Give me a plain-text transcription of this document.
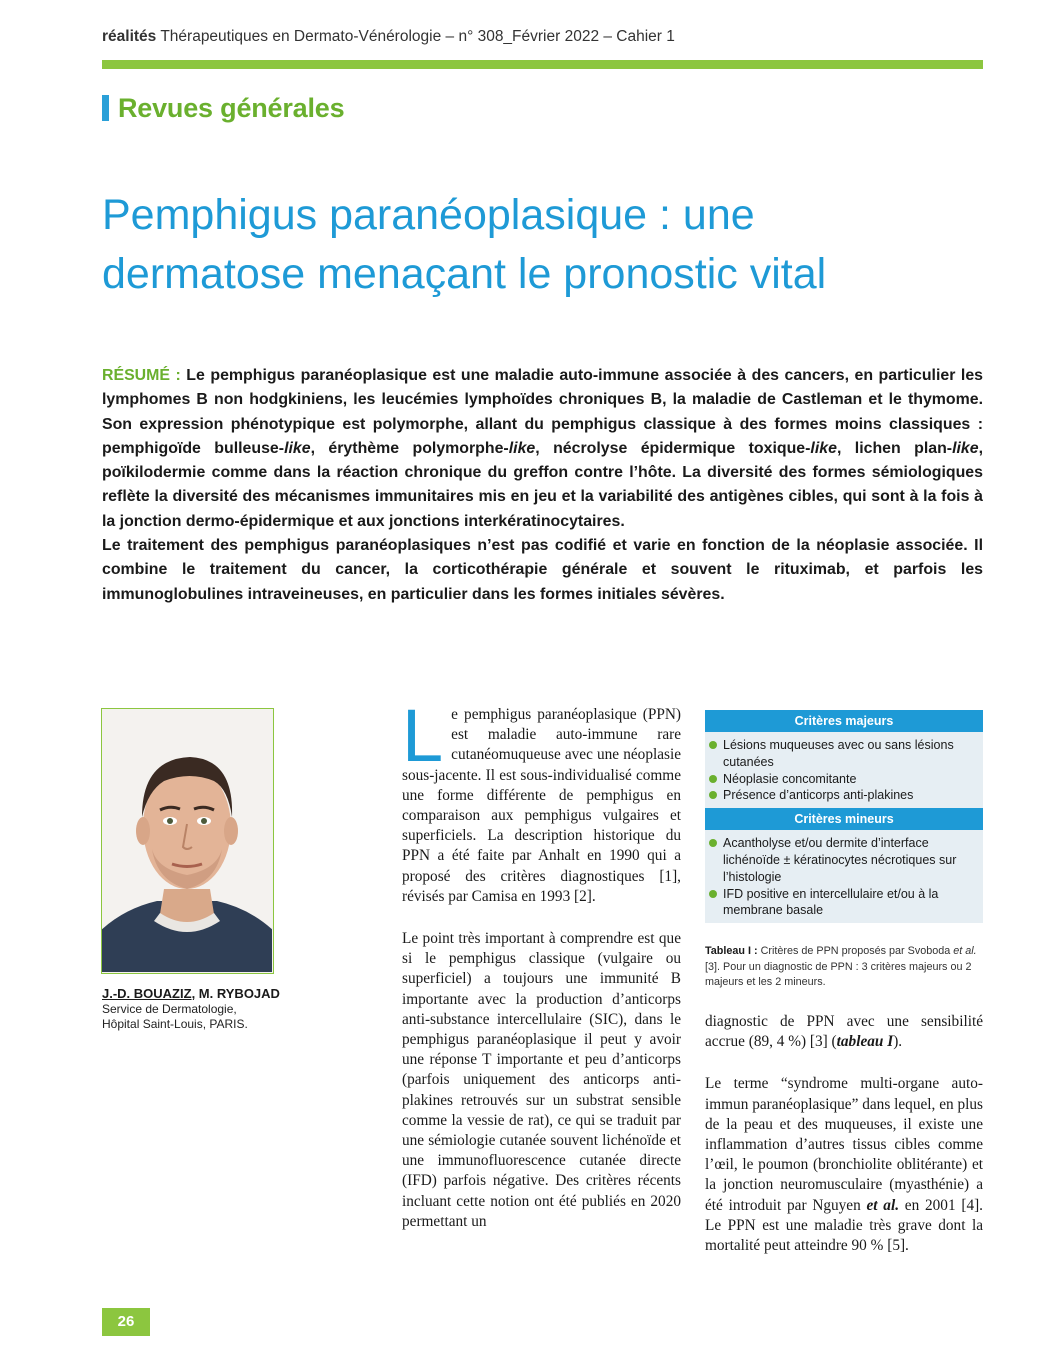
réalités Thérapeutiques en Dermato-Vénérologie – n° 308_Février 2022 – Cahier 1
Revues générales
Pemphigus paranéoplasique : une
dermatose menaçant le pronostic vital

RÉSUMÉ : Le pemphigus paranéoplasique est une maladie auto-immune associée à des cancers, en particulier les lymphomes B non hodgkiniens, les leucémies lymphoïdes chroniques B, la maladie de Castleman et le thymome. Son expression phénotypique est polymorphe, allant du pemphigus classique à des formes moins classiques : pemphigoïde bulleuse-like, érythème polymorphe-like, nécrolyse épidermique toxique-like, lichen plan-like, poïkilodermie comme dans la réaction chronique du greffon contre l’hôte. La diversité des formes sémiologiques reflète la diversité des mécanismes immunitaires mis en jeu et la variabilité des antigènes cibles, qui sont à la fois à la jonction dermo-épidermique et aux jonctions interkératinocytaires.

Le traitement des pemphigus paranéoplasiques n’est pas codifié et varie en fonction de la néoplasie associée. Il combine le traitement du cancer, la corticothérapie générale et souvent le rituximab, et parfois les immunoglobulines intraveineuses, en particulier dans les formes initiales sévères.

J.-D. BOUAZIZ, M. RYBOJAD
Service de Dermatologie,
Hôpital Saint-Louis, PARIS.

Le pemphigus paranéoplasique (PPN) est maladie auto-immune rare cutanéomuqueuse avec une néoplasie sous-jacente. Il est sous-individualisé comme une forme différente de pemphigus en comparaison aux pemphigus vulgaires et superficiels. La description historique du PPN a été faite par Anhalt en 1990 qui a proposé des critères diagnostiques [1], révisés par Camisa en 1993 [2].

Le point très important à comprendre est que si le pemphigus classique (vulgaire ou superficiel) a toujours une immunité B importante avec la production d’anticorps anti-substance intercellulaire (SIC), dans le pemphigus paranéoplasique il peut y avoir une réponse T importante et peu d’anticorps (parfois uniquement des anticorps anti-plakines retrouvés sur un substrat sensible comme la vessie de rat), ce qui se traduit par une sémiologie cutanée souvent lichénoïde et une immunofluorescence cutanée directe (IFD) parfois négative. Des critères récents incluant cette notion ont été publiés en 2020 permettant un

Critères majeurs
Lésions muqueuses avec ou sans lésions cutanées
Néoplasie concomitante
Présence d’anticorps anti-plakines
Critères mineurs
Acantholyse et/ou dermite d’interface lichénoïde ± kératinocytes nécrotiques sur l’histologie
IFD positive en intercellulaire et/ou à la membrane basale
Tableau I : Critères de PPN proposés par Svoboda et al. [3]. Pour un diagnostic de PPN : 3 critères majeurs ou 2 majeurs et les 2 mineurs.

diagnostic de PPN avec une sensibilité accrue (89, 4 %) [3] (tableau I).

Le terme “syndrome multi-organe auto-immun paranéoplasique” dans lequel, en plus de la peau et des muqueuses, il existe une inflammation d’autres tissus cibles comme l’œil, le poumon (bronchiolite oblitérante) et la jonction neuromusculaire (myasthénie) a été introduit par Nguyen et al. en 2001 [4]. Le PPN est une maladie très grave dont la mortalité peut atteindre 90 % [5].

26
